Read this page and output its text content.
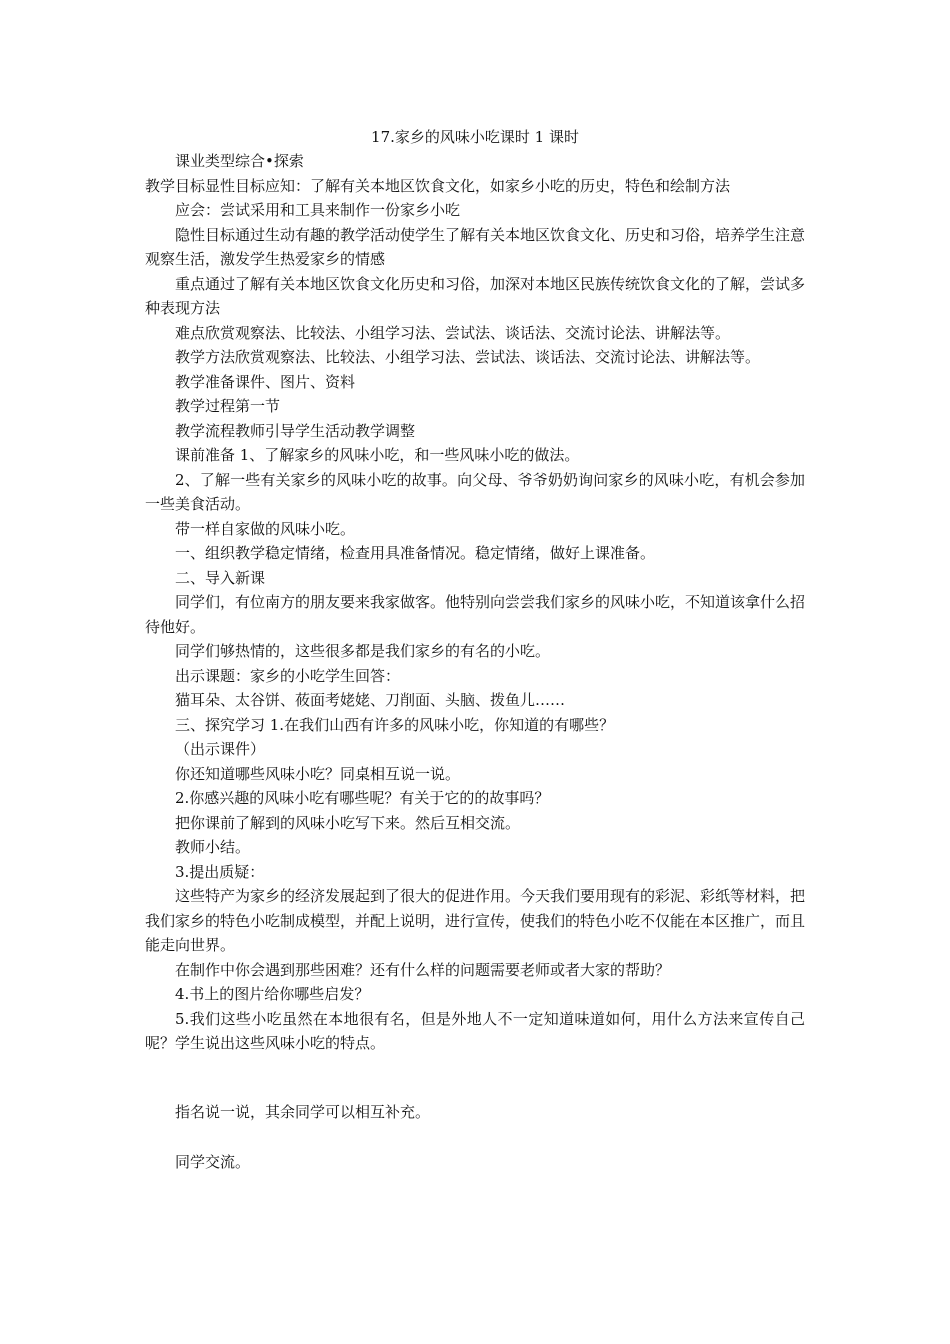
17.家乡的风味小吃课时 1 课时

课业类型综合•探索

教学目标显性目标应知：了解有关本地区饮食文化，如家乡小吃的历史，特色和绘制方法

应会：尝试采用和工具来制作一份家乡小吃

隐性目标通过生动有趣的教学活动使学生了解有关本地区饮食文化、历史和习俗，培养学生注意观察生活，激发学生热爱家乡的情感

重点通过了解有关本地区饮食文化历史和习俗，加深对本地区民族传统饮食文化的了解，尝试多种表现方法

难点欣赏观察法、比较法、小组学习法、尝试法、谈话法、交流讨论法、讲解法等。

教学方法欣赏观察法、比较法、小组学习法、尝试法、谈话法、交流讨论法、讲解法等。

教学准备课件、图片、资料

教学过程第一节

教学流程教师引导学生活动教学调整

课前准备 1、了解家乡的风味小吃，和一些风味小吃的做法。

2、了解一些有关家乡的风味小吃的故事。向父母、爷爷奶奶询问家乡的风味小吃，有机会参加一些美食活动。

带一样自家做的风味小吃。

一、组织教学稳定情绪，检查用具准备情况。稳定情绪，做好上课准备。

二、导入新课

同学们，有位南方的朋友要来我家做客。他特别向尝尝我们家乡的风味小吃，不知道该拿什么招待他好。

同学们够热情的，这些很多都是我们家乡的有名的小吃。

出示课题：家乡的小吃学生回答：

猫耳朵、太谷饼、莜面考姥姥、刀削面、头脑、拨鱼儿……

三、探究学习 1.在我们山西有许多的风味小吃，你知道的有哪些？

（出示课件）

你还知道哪些风味小吃？同桌相互说一说。

2.你感兴趣的风味小吃有哪些呢？有关于它的的故事吗？

把你课前了解到的风味小吃写下来。然后互相交流。

教师小结。

3.提出质疑：

这些特产为家乡的经济发展起到了很大的促进作用。今天我们要用现有的彩泥、彩纸等材料，把我们家乡的特色小吃制成模型，并配上说明，进行宣传，使我们的特色小吃不仅能在本区推广，而且能走向世界。

在制作中你会遇到那些困难？还有什么样的问题需要老师或者大家的帮助？

4.书上的图片给你哪些启发？

5.我们这些小吃虽然在本地很有名，但是外地人不一定知道味道如何，用什么方法来宣传自己呢？学生说出这些风味小吃的特点。

指名说一说，其余同学可以相互补充。

同学交流。
